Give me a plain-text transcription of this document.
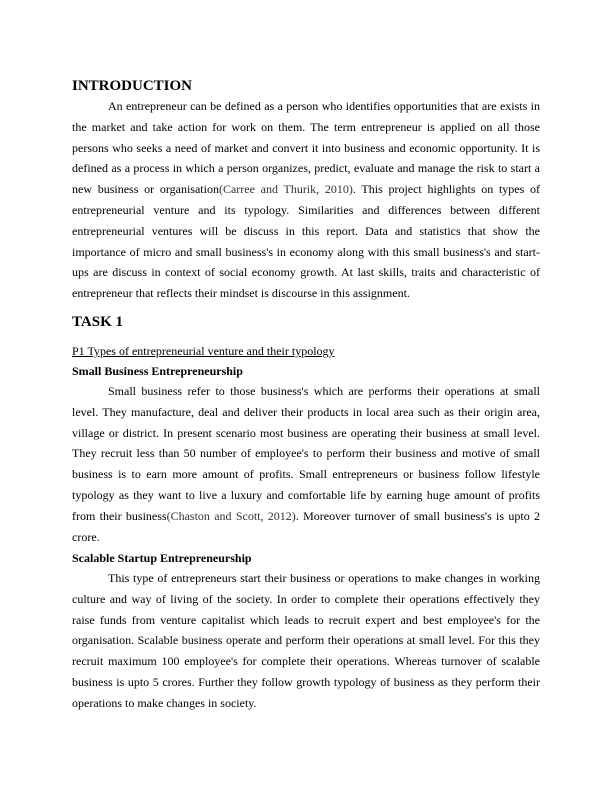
INTRODUCTION
An entrepreneur can be defined as a person who identifies opportunities that are exists in the market and take action for work on them. The term entrepreneur is applied on all those persons who seeks a need of market and convert it into business and economic opportunity. It is defined as a process in which a person organizes, predict, evaluate and manage the risk to start a new business or organisation(Carree and Thurik, 2010). This project highlights on types of entrepreneurial venture and its typology. Similarities and differences between different entrepreneurial ventures will be discuss in this report. Data and statistics that show the importance of micro and small business's in economy along with this small business's and start-ups are discuss in context of social economy growth. At last skills, traits and characteristic of entrepreneur that reflects their mindset is discourse in this assignment.
TASK 1
P1 Types of entrepreneurial venture and their typology
Small Business Entrepreneurship
Small business refer to those business's which are performs their operations at small level. They manufacture, deal and deliver their products in local area such as their origin area, village or district. In present scenario most business are operating their business at small level. They recruit less than 50 number of employee's to perform their business and motive of small business is to earn more amount of profits. Small entrepreneurs or business follow lifestyle typology as they want to live a luxury and comfortable life by earning huge amount of profits from their business(Chaston and Scott, 2012). Moreover turnover of small business's is upto 2 crore.
Scalable Startup Entrepreneurship
This type of entrepreneurs start their business or operations to make changes in working culture and way of living of the society. In order to complete their operations effectively they raise funds from venture capitalist which leads to recruit expert and best employee's for the organisation. Scalable business operate and perform their operations at small level. For this they recruit maximum 100 employee's for complete their operations. Whereas turnover of scalable business is upto 5 crores. Further they follow growth typology of business as they perform their operations to make changes in society.
